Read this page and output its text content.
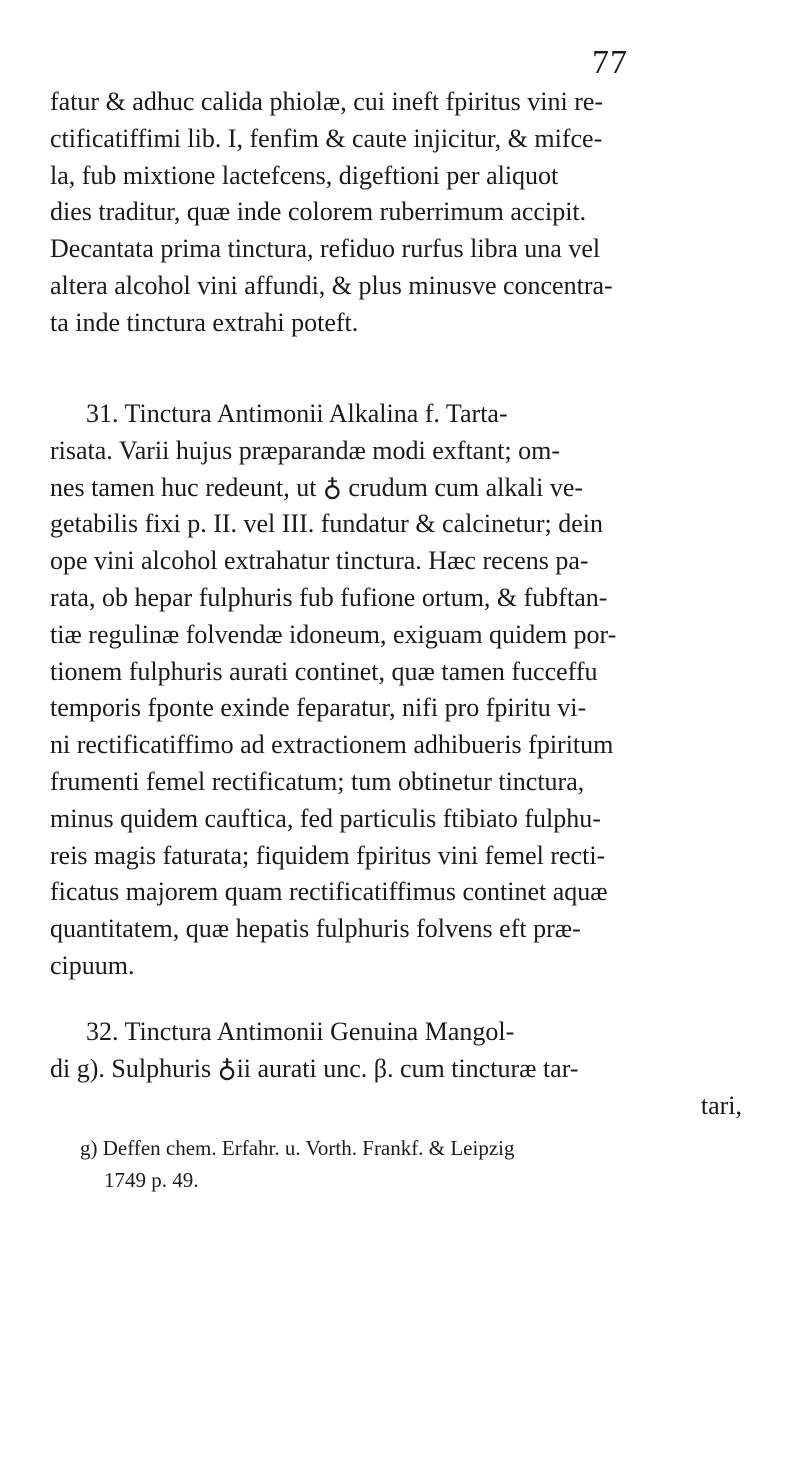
77
fatur & adhuc calida phiolæ, cui ineft fpiritus vini re-
ctificatiffimi lib. I, fenfim & caute injicitur, & mifce-
la, fub mixtione lactefcens, digeftioni per aliquot
dies traditur, quæ inde colorem ruberrimum accipit.
Decantata prima tinctura, refiduo rurfus libra una vel
altera alcohol vini affundi, & plus minusve concentra-
ta inde tinctura extrahi poteft.
31. Tinctura Antimonii Alkalina f. Tarta-
risata. Varii hujus præparandæ modi exftant; om-
nes tamen huc redeunt, ut ♁ crudum cum alkali ve-
getabilis fixi p. II. vel III. fundatur & calcinetur; dein
ope vini alcohol extrahatur tinctura. Hæc recens pa-
rata, ob hepar fulphuris fub fufione ortum, & fubftan-
tiæ regulinæ folvendæ idoneum, exiguam quidem por-
tionem fulphuris aurati continet, quæ tamen fucceffu
temporis fponte exinde feparatur, nifi pro fpiritu vi-
ni rectificatiffimo ad extractionem adhibueris fpiritum
frumenti femel rectificatum; tum obtinetur tinctura,
minus quidem cauftica, fed particulis ftibiato fulphu-
reis magis faturata; fiquidem fpiritus vini femel recti-
ficatus majorem quam rectificatiffimus continet aquæ
quantitatem, quæ hepatis fulphuris folvens eft præ-
cipuum.
32. Tinctura Antimonii Genuina Mangol-
di g). Sulphuris ♁ii aurati unc. β. cum tincturæ tar-
tari,
g) Deffen chem. Erfahr. u. Vorth. Frankf. & Leipzig
1749 p. 49.
